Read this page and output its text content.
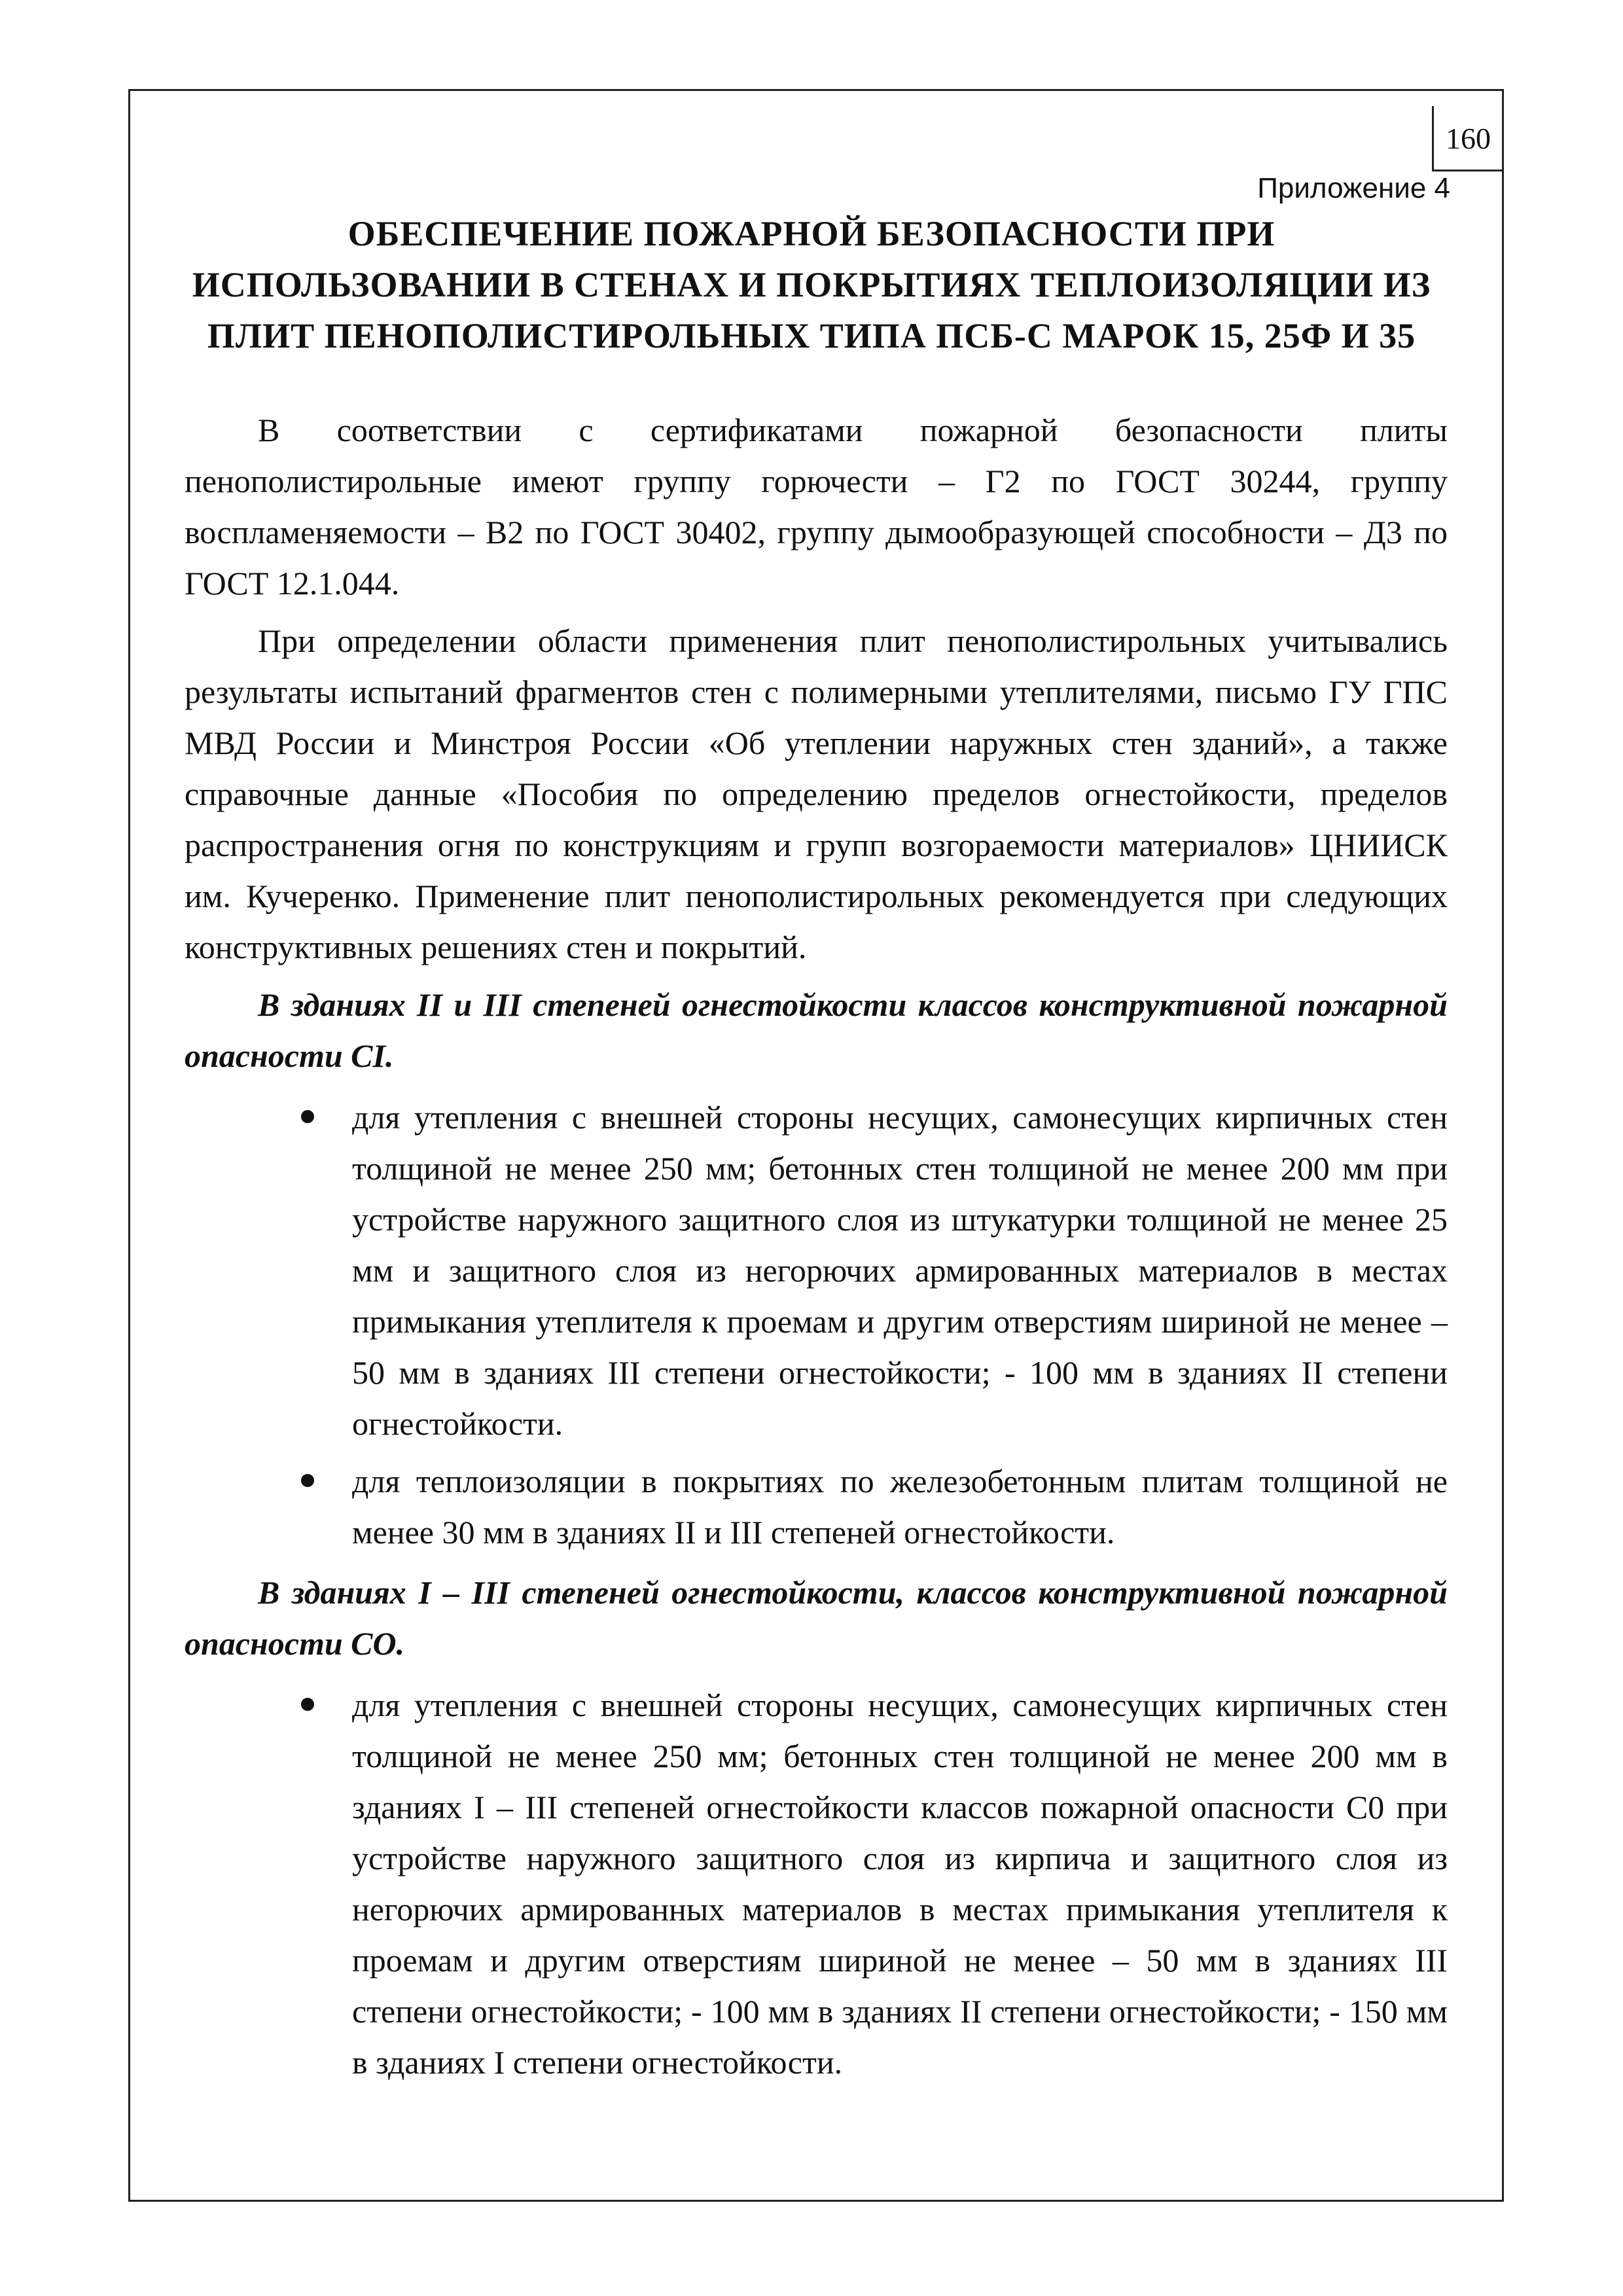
160
Приложение 4
ОБЕСПЕЧЕНИЕ ПОЖАРНОЙ БЕЗОПАСНОСТИ ПРИ
ИСПОЛЬЗОВАНИИ В СТЕНАХ И ПОКРЫТИЯХ ТЕПЛОИЗОЛЯЦИИ ИЗ
ПЛИТ ПЕНОПОЛИСТИРОЛЬНЫХ ТИПА ПСБ-С МАРОК 15, 25Ф И 35

В соответствии с сертификатами пожарной безопасности плиты пенополистирольные имеют группу горючести – Г2 по ГОСТ 30244, группу воспламеняемости – В2 по ГОСТ 30402, группу дымообразующей способности – Д3 по ГОСТ 12.1.044.

При определении области применения плит пенополистирольных учитывались результаты испытаний фрагментов стен с полимерными утеплителями, письмо ГУ ГПС МВД России и Минстроя России «Об утеплении наружных стен зданий», а также справочные данные «Пособия по определению пределов огнестойкости, пределов распространения огня по конструкциям и групп возгораемости материалов» ЦНИИСК им. Кучеренко. Применение плит пенополистирольных рекомендуется при следующих конструктивных решениях стен и покрытий.

В зданиях II и III степеней огнестойкости классов конструктивной пожарной опасности CI.

для утепления с внешней стороны несущих, самонесущих кирпичных стен толщиной не менее 250 мм; бетонных стен толщиной не менее 200 мм при устройстве наружного защитного слоя из штукатурки толщиной не менее 25 мм и защитного слоя из негорючих армированных материалов в местах примыкания утеплителя к проемам и другим отверстиям шириной не менее – 50 мм в зданиях III степени огнестойкости; - 100 мм в зданиях II степени огнестойкости.
для теплоизоляции в покрытиях по железобетонным плитам толщиной не менее 30 мм в зданиях II и III степеней огнестойкости.

В зданиях I – III степеней огнестойкости, классов конструктивной пожарной опасности СО.

для утепления с внешней стороны несущих, самонесущих кирпичных стен толщиной не менее 250 мм; бетонных стен толщиной не менее 200 мм в зданиях I – III степеней огнестойкости классов пожарной опасности С0 при устройстве наружного защитного слоя из кирпича и защитного слоя из негорючих армированных материалов в местах примыкания утеплителя к проемам и другим отверстиям шириной не менее – 50 мм в зданиях III степени огнестойкости; - 100 мм в зданиях II степени огнестойкости; - 150 мм в зданиях I степени огнестойкости.
